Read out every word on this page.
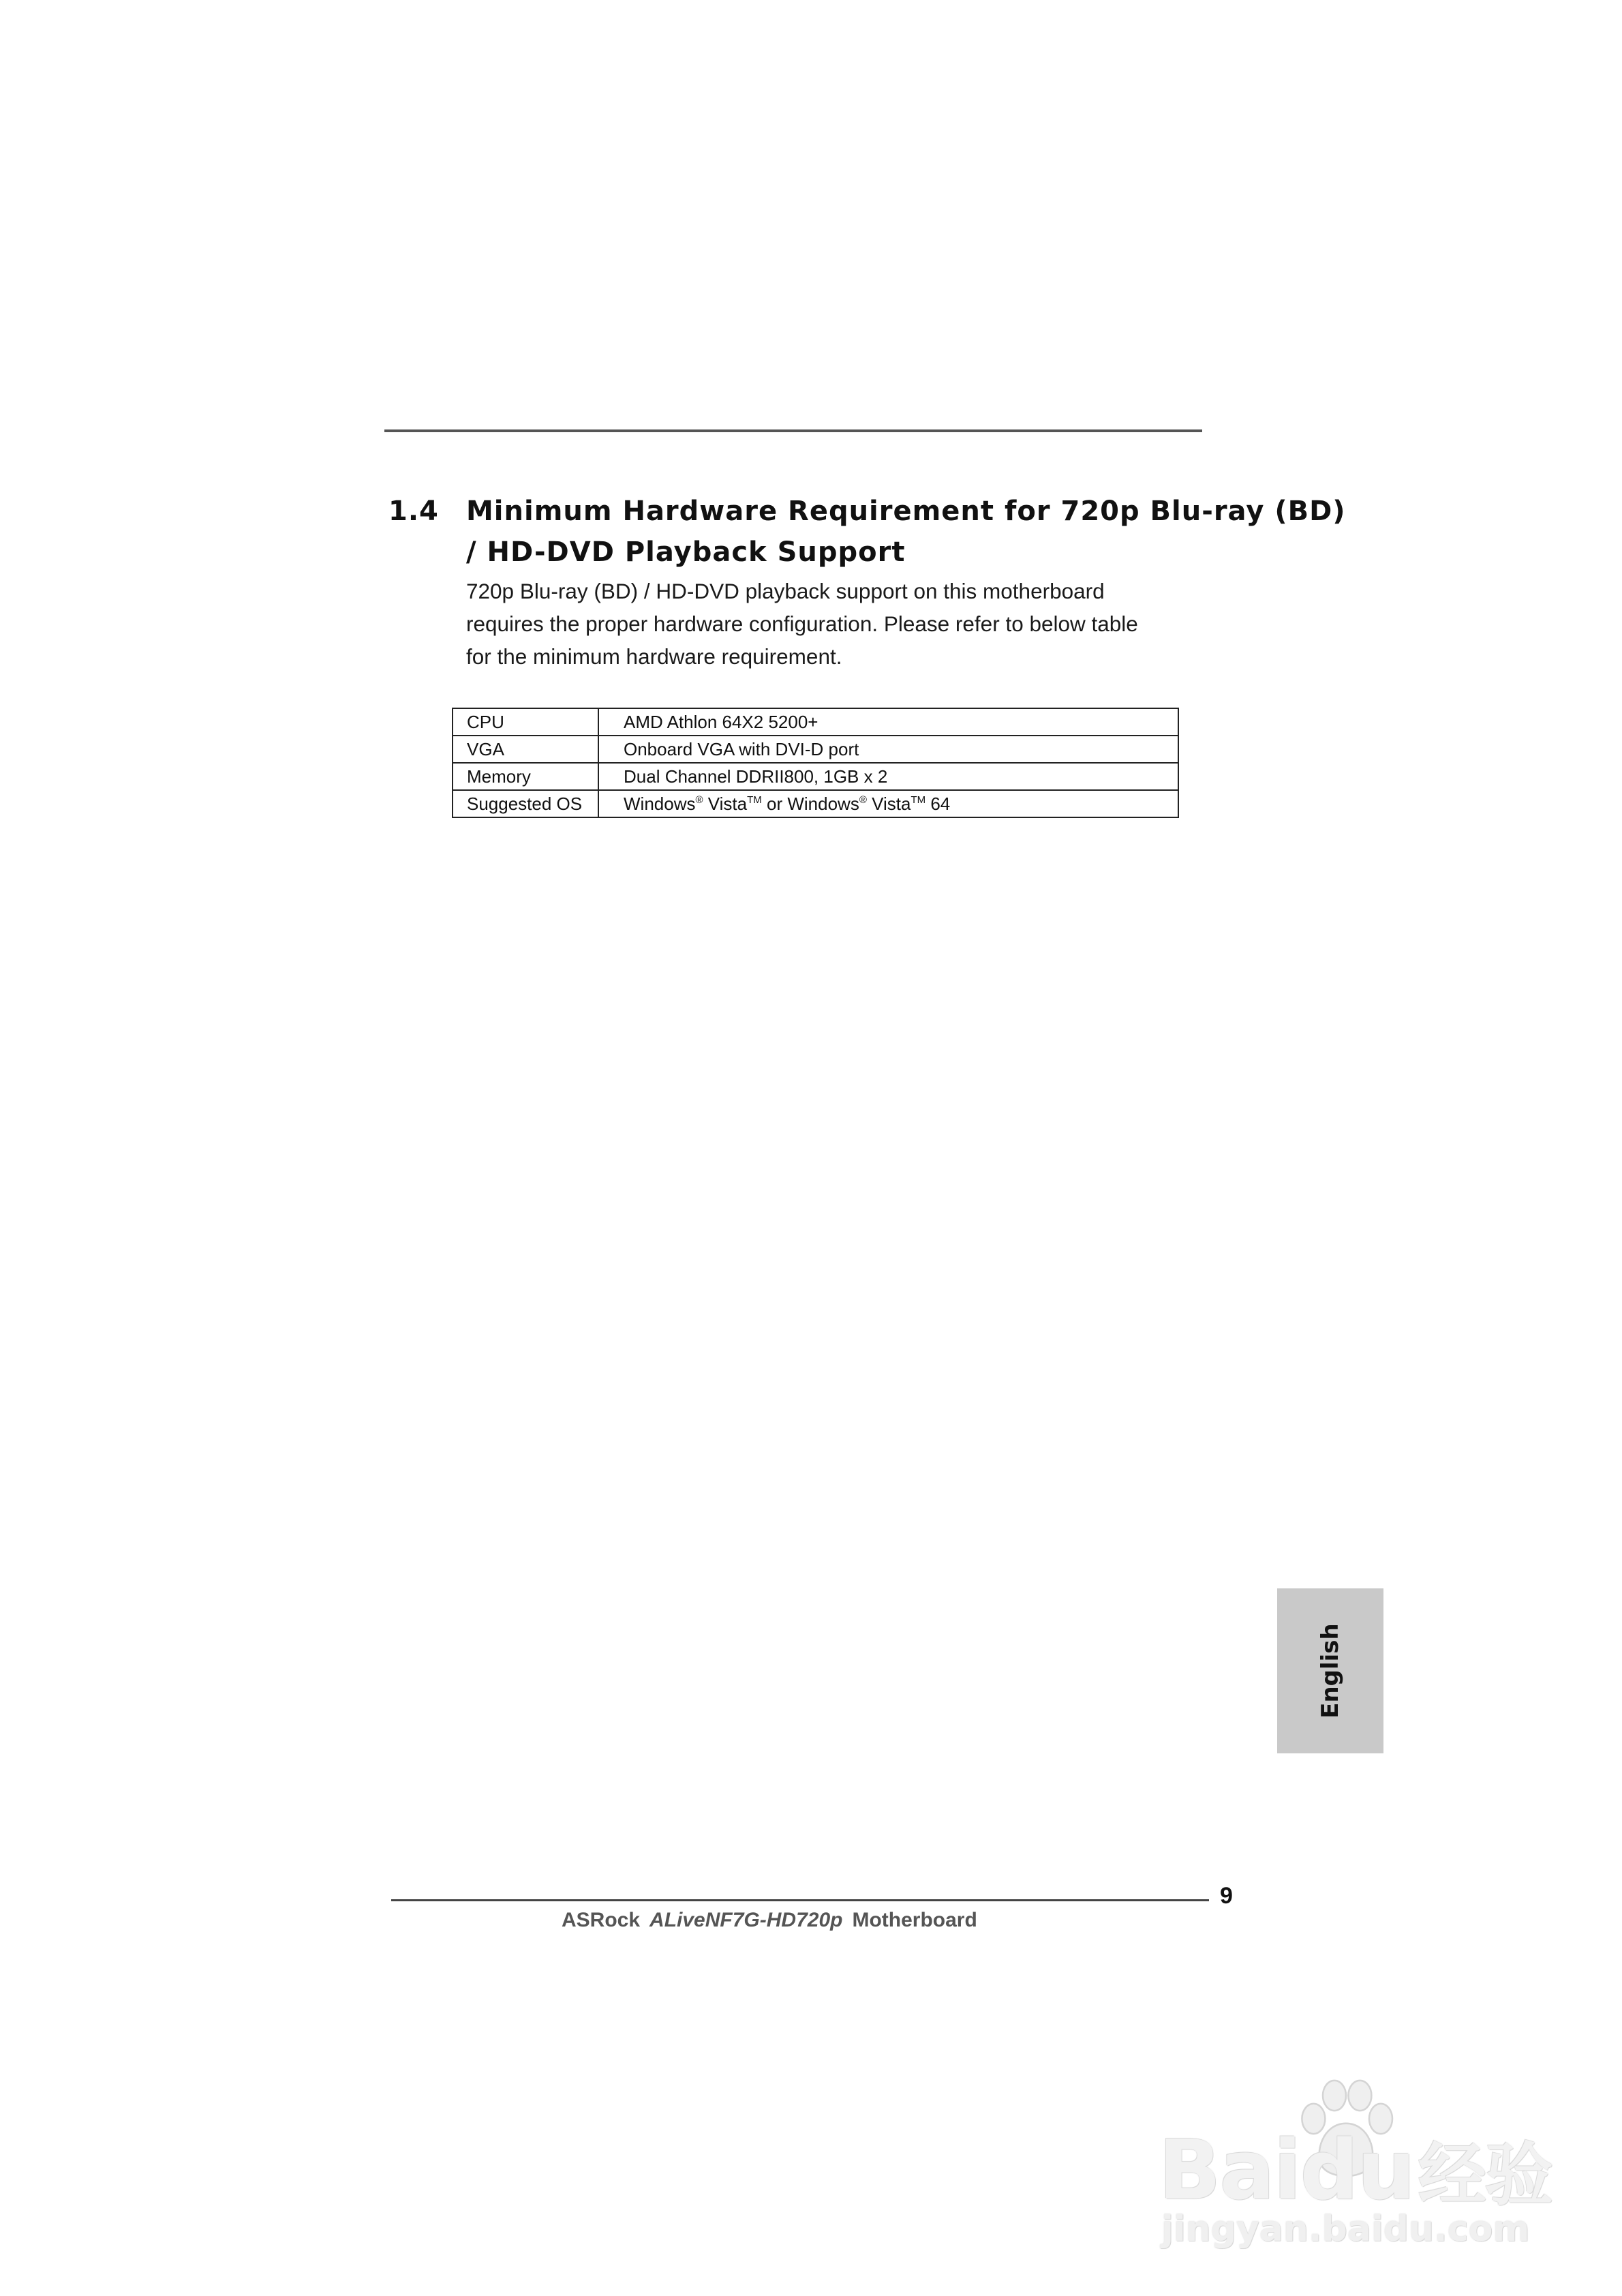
1.4	Minimum Hardware Requirement for 720p Blu-ray (BD)
/ HD-DVD Playback Support
720p Blu-ray (BD) / HD-DVD playback support on this motherboard
requires the proper hardware configuration. Please refer to below table
for the minimum hardware requirement.
CPU	AMD Athlon 64X2 5200+
VGA	Onboard VGA with DVI-D port
Memory	Dual Channel DDRII800, 1GB x 2
Suggested OS	Windows® Vista™ or Windows® Vista™ 64
English
9
ASRock ALiveNF7G-HD720p Motherboard
Baidu经验
jingyan.baidu.com
